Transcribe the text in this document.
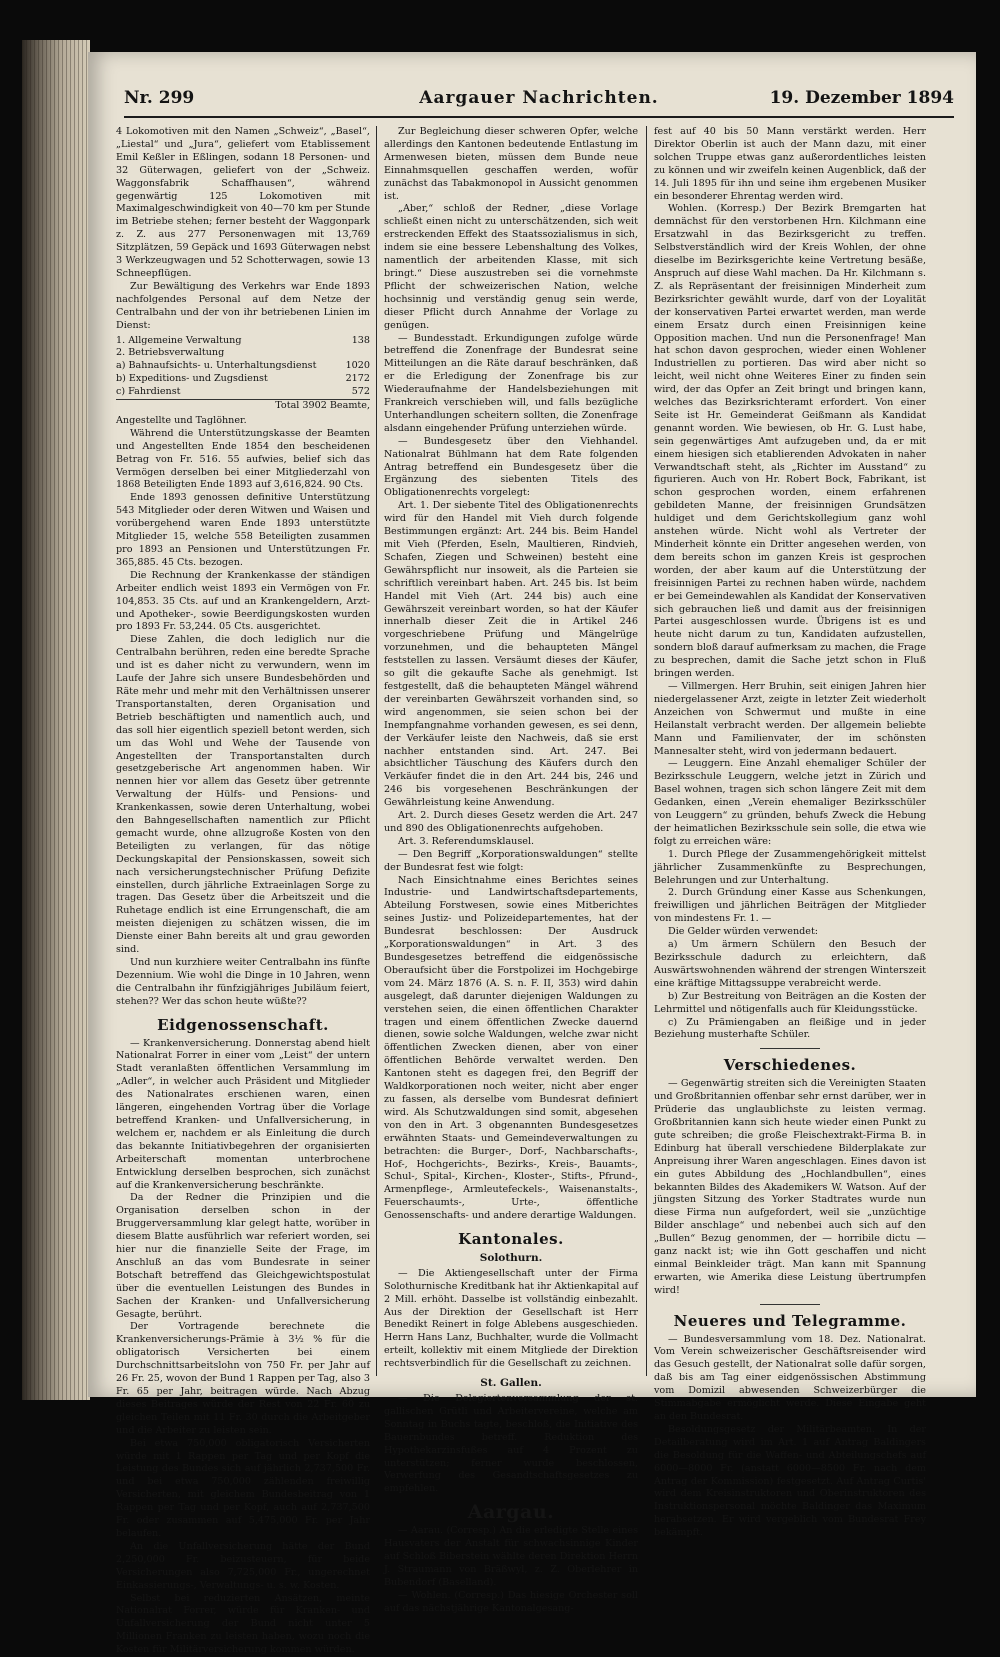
Aargauer Nachrichten.
Nr. 299	19. Dezember 1894

4 Lokomotiven mit den Namen „Schweiz“, „Basel“, „Liestal“ und „Jura“, geliefert vom Etablissement Emil Keßler in Eßlingen, sodann 18 Personen- und 32 Güterwagen, geliefert von der „Schweiz. Waggonsfabrik Schaffhausen“, während gegenwärtig 125 Lokomotiven mit Maximalgeschwindigkeit von 40—70 km per Stunde im Betriebe stehen; ferner besteht der Waggonpark z. Z. aus 277 Personenwagen mit 13,769 Sitzplätzen, 59 Gepäck und 1693 Güterwagen nebst 3 Werkzeugwagen und 52 Schotterwagen, sowie 13 Schneepflügen.

Zur Bewältigung des Verkehrs war Ende 1893 nachfolgendes Personal auf dem Netze der Centralbahn und der von ihr betriebenen Linien im Dienst:

1. Allgemeine Verwaltung	138
2. Betriebsverwaltung
a) Bahnaufsichts- u. Unterhaltungsdienst	1020
b) Expeditions- und Zugsdienst	2172
c) Fahrdienst	572
Total 3902 Beamte,

Angestellte und Taglöhner.

Während die Unterstützungskasse der Beamten und Angestellten Ende 1854 den bescheidenen Betrag von Fr. 516. 55 aufwies, belief sich das Vermögen derselben bei einer Mitgliederzahl von 1868 Beteiligten Ende 1893 auf 3,616,824. 90 Cts.

Ende 1893 genossen definitive Unterstützung 543 Mitglieder oder deren Witwen und Waisen und vorübergehend waren Ende 1893 unterstützte Mitglieder 15, welche 558 Beteiligten zusammen pro 1893 an Pensionen und Unterstützungen Fr. 365,885. 45 Cts. bezogen.

Die Rechnung der Krankenkasse der ständigen Arbeiter endlich weist 1893 ein Vermögen von Fr. 104,853. 35 Cts. auf und an Krankengeldern, Arzt- und Apotheker-, sowie Beerdigungskosten wurden pro 1893 Fr. 53,244. 05 Cts. ausgerichtet.

Diese Zahlen, die doch lediglich nur die Centralbahn berühren, reden eine beredte Sprache und ist es daher nicht zu verwundern, wenn im Laufe der Jahre sich unsere Bundesbehörden und Räte mehr und mehr mit den Verhältnissen unserer Transportanstalten, deren Organisation und Betrieb beschäftigten und namentlich auch, und das soll hier eigentlich speziell betont werden, sich um das Wohl und Wehe der Tausende von Angestellten der Transportanstalten durch gesetzgeberische Art angenommen haben. Wir nennen hier vor allem das Gesetz über getrennte Verwaltung der Hülfs- und Pensions- und Krankenkassen, sowie deren Unterhaltung, wobei den Bahngesellschaften namentlich zur Pflicht gemacht wurde, ohne allzugroße Kosten von den Beteiligten zu verlangen, für das nötige Deckungskapital der Pensionskassen, soweit sich nach versicherungstechnischer Prüfung Defizite einstellen, durch jährliche Extraeinlagen Sorge zu tragen. Das Gesetz über die Arbeitszeit und die Ruhetage endlich ist eine Errungenschaft, die am meisten diejenigen zu schätzen wissen, die im Dienste einer Bahn bereits alt und grau geworden sind.

Und nun kurzhiere weiter Centralbahn ins fünfte Dezennium. Wie wohl die Dinge in 10 Jahren, wenn die Centralbahn ihr fünfzigjähriges Jubiläum feiert, stehen?? Wer das schon heute wüßte??

Eidgenossenschaft.

— Krankenversicherung. Donnerstag abend hielt Nationalrat Forrer in einer vom „Leist“ der untern Stadt veranlaßten öffentlichen Versammlung im „Adler“, in welcher auch Präsident und Mitglieder des Nationalrates erschienen waren, einen längeren, eingehenden Vortrag über die Vorlage betreffend Kranken- und Unfallversicherung, in welchem er, nachdem er als Einleitung die durch das bekannte Initiativbegehren der organisierten Arbeiterschaft momentan unterbrochene Entwicklung derselben besprochen, sich zunächst auf die Krankenversicherung beschränkte.

Da der Redner die Prinzipien und die Organisation derselben schon in der Bruggerversammlung klar gelegt hatte, worüber in diesem Blatte ausführlich war referiert worden, sei hier nur die finanzielle Seite der Frage, im Anschluß an das vom Bundesrate in seiner Botschaft betreffend das Gleichgewichtspostulat über die eventuellen Leistungen des Bundes in Sachen der Kranken- und Unfallversicherung Gesagte, berührt.

Der Vortragende berechnete die Krankenversicherungs-Prämie à 3½ % für die obligatorisch Versicherten bei einem Durchschnittsarbeitslohn von 750 Fr. per Jahr auf 26 Fr. 25, wovon der Bund 1 Rappen per Tag, also 3 Fr. 65 per Jahr, beitragen würde. Nach Abzug dieses Beitrages würde der Rest von 22 Fr. 60 zu gleichen Teilen mit 11 Fr. 30 durch die Arbeitgeber und die Arbeiter zu leisten sein.

Bei etwa 750,000 obligatorisch Versicherten würde mit 1 Rappen per Tag und per Kopf die Leistung des Bundes sich auf jährlich 2,737,500 Fr. und bei etwa 750,000 zählenden freiwillig Versicherten, mit gleichem Bundesbeitrag von 1 Rappen per Tag und per Kopf, auch auf 2,737,500 Fr. oder zusammen auf 5,475,000 Fr. per Jahr belaufen.

An die Unfallversicherung hätte der Bund 2,250,000 Fr. beizusteuern, für beide Versicherungen also 7,725,000 Fr., ungerechnet Einkassierungs-, Verwaltungs- u. s. w. Kosten.

Selbst bei reduzierten Ansätzen, meinte Nationalrat Forrer, würde für Kranken- und Unfallversicherung der Bund nicht unter 5 Millionen Franken zu leisten haben, wozu noch die Kosten für Militärversicherung kommen würden.

Zur Begleichung dieser schweren Opfer, welche allerdings den Kantonen bedeutende Entlastung im Armenwesen bieten, müssen dem Bunde neue Einnahmsquellen geschaffen werden, wofür zunächst das Tabakmonopol in Aussicht genommen ist.

„Aber,“ schloß der Redner, „diese Vorlage schließt einen nicht zu unterschätzenden, sich weit erstreckenden Effekt des Staatssozialismus in sich, indem sie eine bessere Lebenshaltung des Volkes, namentlich der arbeitenden Klasse, mit sich bringt.“ Diese auszustreben sei die vornehmste Pflicht der schweizerischen Nation, welche hochsinnig und verständig genug sein werde, dieser Pflicht durch Annahme der Vorlage zu genügen.

— Bundesstadt. Erkundigungen zufolge würde betreffend die Zonenfrage der Bundesrat seine Mitteilungen an die Räte darauf beschränken, daß er die Erledigung der Zonenfrage bis zur Wiederaufnahme der Handelsbeziehungen mit Frankreich verschieben will, und falls bezügliche Unterhandlungen scheitern sollten, die Zonenfrage alsdann eingehender Prüfung unterziehen würde.

— Bundesgesetz über den Viehhandel. Nationalrat Bühlmann hat dem Rate folgenden Antrag betreffend ein Bundesgesetz über die Ergänzung des siebenten Titels des Obligationenrechts vorgelegt:

Art. 1. Der siebente Titel des Obligationenrechts wird für den Handel mit Vieh durch folgende Bestimmungen ergänzt: Art. 244 bis. Beim Handel mit Vieh (Pferden, Eseln, Maultieren, Rindvieh, Schafen, Ziegen und Schweinen) besteht eine Gewährspflicht nur insoweit, als die Parteien sie schriftlich vereinbart haben. Art. 245 bis. Ist beim Handel mit Vieh (Art. 244 bis) auch eine Gewährszeit vereinbart worden, so hat der Käufer innerhalb dieser Zeit die in Artikel 246 vorgeschriebene Prüfung und Mängelrüge vorzunehmen, und die behaupteten Mängel feststellen zu lassen. Versäumt dieses der Käufer, so gilt die gekaufte Sache als genehmigt. Ist festgestellt, daß die behaupteten Mängel während der vereinbarten Gewährszeit vorhanden sind, so wird angenommen, sie seien schon bei der Inempfangnahme vorhanden gewesen, es sei denn, der Verkäufer leiste den Nachweis, daß sie erst nachher entstanden sind. Art. 247. Bei absichtlicher Täuschung des Käufers durch den Verkäufer findet die in den Art. 244 bis, 246 und 246 bis vorgesehenen Beschränkungen der Gewährleistung keine Anwendung.

Art. 2. Durch dieses Gesetz werden die Art. 247 und 890 des Obligationenrechts aufgehoben.

Art. 3. Referendumsklausel.

— Den Begriff „Korporationswaldungen“ stellte der Bundesrat fest wie folgt:

Nach Einsichtnahme eines Berichtes seines Industrie- und Landwirtschaftsdepartements, Abteilung Forstwesen, sowie eines Mitberichtes seines Justiz- und Polizeidepartementes, hat der Bundesrat beschlossen: Der Ausdruck „Korporationswaldungen“ in Art. 3 des Bundesgesetzes betreffend die eidgenössische Oberaufsicht über die Forstpolizei im Hochgebirge vom 24. März 1876 (A. S. n. F. II, 353) wird dahin ausgelegt, daß darunter diejenigen Waldungen zu verstehen seien, die einen öffentlichen Charakter tragen und einem öffentlichen Zwecke dauernd dienen, sowie solche Waldungen, welche zwar nicht öffentlichen Zwecken dienen, aber von einer öffentlichen Behörde verwaltet werden. Den Kantonen steht es dagegen frei, den Begriff der Waldkorporationen noch weiter, nicht aber enger zu fassen, als derselbe vom Bundesrat definiert wird. Als Schutzwaldungen sind somit, abgesehen von den in Art. 3 obgenannten Bundesgesetzes erwähnten Staats- und Gemeindeverwaltungen zu betrachten: die Burger-, Dorf-, Nachbarschafts-, Hof-, Hochgerichts-, Bezirks-, Kreis-, Bauamts-, Schul-, Spital-, Kirchen-, Kloster-, Stifts-, Pfrund-, Armenpflege-, Armleutefeckels-, Waisenanstalts-, Feuerschaumts-, Urte-, öffentliche Genossenschafts- und andere derartige Waldungen.

Kantonales.
Solothurn.

— Die Aktiengesellschaft unter der Firma Solothurnische Kreditbank hat ihr Aktienkapital auf 2 Mill. erhöht. Dasselbe ist vollständig einbezahlt. Aus der Direktion der Gesellschaft ist Herr Benedikt Reinert in folge Ablebens ausgeschieden. Herrn Hans Lanz, Buchhalter, wurde die Vollmacht erteilt, kollektiv mit einem Mitgliede der Direktion rechtsverbindlich für die Gesellschaft zu zeichnen.

St. Gallen.

— Die Delegiertenversammlung der st. gallischen Grütli und Arbeitervereine, welche am Sonntag in Buchs tagte, beschloß, die Initiative des Bauernbundes betreff. Reduktion des Hypothekarzinsfußes auf 4 Prozent zu unterstützen; ferner wurde beschlossen, Verwerfung des Gesandtschaftsgesetzes zu empfehlen.

Aargau.

— Aarau. (Corresp.) An die erledigte Stelle eines Hausvaters der Anstalt für schwachsinnige Kinder auf Schloß Biberstein wählte deren Direktion Herrn J. Straumann von Bräßwyl, z. Z. Oberlehrer in Bubendorf (Baselland).

— Wohlen. (Corresp.) Das hiesige Orchester soll auf das nächstjährige Kantonalgesang-

fest auf 40 bis 50 Mann verstärkt werden. Herr Direktor Oberlin ist auch der Mann dazu, mit einer solchen Truppe etwas ganz außerordentliches leisten zu können und wir zweifeln keinen Augenblick, daß der 14. Juli 1895 für ihn und seine ihm ergebenen Musiker ein besonderer Ehrentag werden wird.

Wohlen. (Korresp.) Der Bezirk Bremgarten hat demnächst für den verstorbenen Hrn. Kilchmann eine Ersatzwahl in das Bezirksgericht zu treffen. Selbstverständlich wird der Kreis Wohlen, der ohne dieselbe im Bezirksgerichte keine Vertretung besäße, Anspruch auf diese Wahl machen. Da Hr. Kilchmann s. Z. als Repräsentant der freisinnigen Minderheit zum Bezirksrichter gewählt wurde, darf von der Loyalität der konservativen Partei erwartet werden, man werde einem Ersatz durch einen Freisinnigen keine Opposition machen. Und nun die Personenfrage! Man hat schon davon gesprochen, wieder einen Wohlener Industriellen zu portieren. Das wird aber nicht so leicht, weil nicht ohne Weiteres Einer zu finden sein wird, der das Opfer an Zeit bringt und bringen kann, welches das Bezirksrichteramt erfordert. Von einer Seite ist Hr. Gemeinderat Geißmann als Kandidat genannt worden. Wie bewiesen, ob Hr. G. Lust habe, sein gegenwärtiges Amt aufzugeben und, da er mit einem hiesigen sich etablierenden Advokaten in naher Verwandtschaft steht, als „Richter im Ausstand“ zu figurieren. Auch von Hr. Robert Bock, Fabrikant, ist schon gesprochen worden, einem erfahrenen gebildeten Manne, der freisinnigen Grundsätzen huldiget und dem Gerichtskollegium ganz wohl anstehen würde. Nicht wohl als Vertreter der Minderheit könnte ein Dritter angesehen werden, von dem bereits schon im ganzen Kreis ist gesprochen worden, der aber kaum auf die Unterstützung der freisinnigen Partei zu rechnen haben würde, nachdem er bei Gemeindewahlen als Kandidat der Konservativen sich gebrauchen ließ und damit aus der freisinnigen Partei ausgeschlossen wurde. Übrigens ist es und heute nicht darum zu tun, Kandidaten aufzustellen, sondern bloß darauf aufmerksam zu machen, die Frage zu besprechen, damit die Sache jetzt schon in Fluß bringen werden.

— Villmergen. Herr Bruhin, seit einigen Jahren hier niedergelassener Arzt, zeigte in letzter Zeit wiederholt Anzeichen von Schwermut und mußte in eine Heilanstalt verbracht werden. Der allgemein beliebte Mann und Familienvater, der im schönsten Mannesalter steht, wird von jedermann bedauert.

— Leuggern. Eine Anzahl ehemaliger Schüler der Bezirksschule Leuggern, welche jetzt in Zürich und Basel wohnen, tragen sich schon längere Zeit mit dem Gedanken, einen „Verein ehemaliger Bezirksschüler von Leuggern“ zu gründen, behufs Zweck die Hebung der heimatlichen Bezirksschule sein solle, die etwa wie folgt zu erreichen wäre:

1. Durch Pflege der Zusammengehörigkeit mittelst jährlicher Zusammenkünfte zu Besprechungen, Belehrungen und zur Unterhaltung.

2. Durch Gründung einer Kasse aus Schenkungen, freiwilligen und jährlichen Beiträgen der Mitglieder von mindestens Fr. 1. —

Die Gelder würden verwendet:

a) Um ärmern Schülern den Besuch der Bezirksschule dadurch zu erleichtern, daß Auswärtswohnenden während der strengen Winterszeit eine kräftige Mittagssuppe verabreicht werde.

b) Zur Bestreitung von Beiträgen an die Kosten der Lehrmittel und nötigenfalls auch für Kleidungsstücke.

c) Zu Prämiengaben an fleißige und in jeder Beziehung musterhafte Schüler.

Verschiedenes.

— Gegenwärtig streiten sich die Vereinigten Staaten und Großbritannien offenbar sehr ernst darüber, wer in Prüderie das unglaublichste zu leisten vermag. Großbritannien kann sich heute wieder einen Punkt zu gute schreiben; die große Fleischextrakt-Firma B. in Edinburg hat überall verschiedene Bilderplakate zur Anpreisung ihrer Waren angeschlagen. Eines davon ist ein gutes Abbildung des „Hochlandbullen“, eines bekannten Bildes des Akademikers W. Watson. Auf der jüngsten Sitzung des Yorker Stadtrates wurde nun diese Firma nun aufgefordert, weil sie „unzüchtige Bilder anschlage“ und nebenbei auch sich auf den „Bullen“ Bezug genommen, der — horribile dictu — ganz nackt ist; wie ihn Gott geschaffen und nicht einmal Beinkleider trägt. Man kann mit Spannung erwarten, wie Amerika diese Leistung übertrumpfen wird!

Neueres und Telegramme.

— Bundesversammlung vom 18. Dez. Nationalrat. Vom Verein schweizerischer Geschäftsreisender wird das Gesuch gestellt, der Nationalrat solle dafür sorgen, daß bis am Tag einer eidgenössischen Abstimmung vom Domizil abwesenden Schweizerbürger die Stimmabgabe ermöglicht werde. Diese Eingabe geht an den Bundesrat.

Besoldungsgesetz der Militärbeamten. In der Detailberatung wird im Art. 1 auf Antrag Baldingers die Besoldung für die Waffen- und Abteilungschefs auf 6000—8000 Fr. (anstatt 6000—8500 Fr. nach dem Antrag der Kommission) festgesetzt. Auf Antrag Curtis' wird dem Kreisinstruktoren und Oberinstruktoren des Instruktionspersonal möchte Baldinger das Maximum herabsetzen. Er wird vergeblich vom Bundesrat Frey bekämpft.
